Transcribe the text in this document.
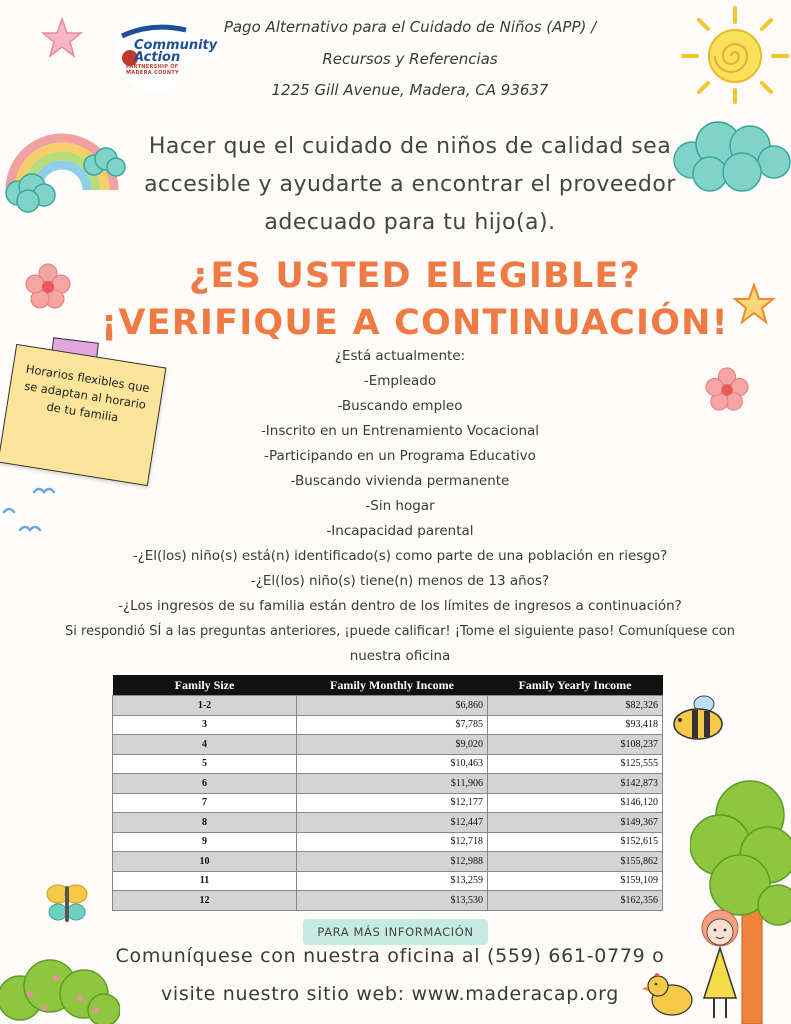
Community
Action
PARTNERSHIP OF MADERA COUNTY
Pago Alternativo para el Cuidado de Niños (APP) /
Recursos y Referencias
1225 Gill Avenue, Madera, CA 93637
Hacer que el cuidado de niños de calidad sea
accesible y ayudarte a encontrar el proveedor
adecuado para tu hijo(a).
¿ES USTED ELEGIBLE?
¡VERIFIQUE A CONTINUACIÓN!
Horarios flexibles que se adaptan al horario de tu familia
¿Está actualmente:
-Empleado
-Buscando empleo
-Inscrito en un Entrenamiento Vocacional
-Participando en un Programa Educativo
-Buscando vivienda permanente
-Sin hogar
-Incapacidad parental
-¿El(los) niño(s) está(n) identificado(s) como parte de una población en riesgo?
-¿El(los) niño(s) tiene(n) menos de 13 años?
-¿Los ingresos de su familia están dentro de los límites de ingresos a continuación?
Si respondió SÍ a las preguntas anteriores, ¡puede calificar! ¡Tome el siguiente paso! Comuníquese con
nuestra oficina
Family Size	Family Monthly Income	Family Yearly Income
1-2	$6,860	$82,326
3	$7,785	$93,418
4	$9,020	$108,237
5	$10,463	$125,555
6	$11,906	$142,873
7	$12,177	$146,120
8	$12,447	$149,367
9	$12,718	$152,615
10	$12,988	$155,862
11	$13,259	$159,109
12	$13,530	$162,356
PARA MÁS INFORMACIÓN
Comuníquese con nuestra oficina al (559) 661-0779 o
visite nuestro sitio web: www.maderacap.org
